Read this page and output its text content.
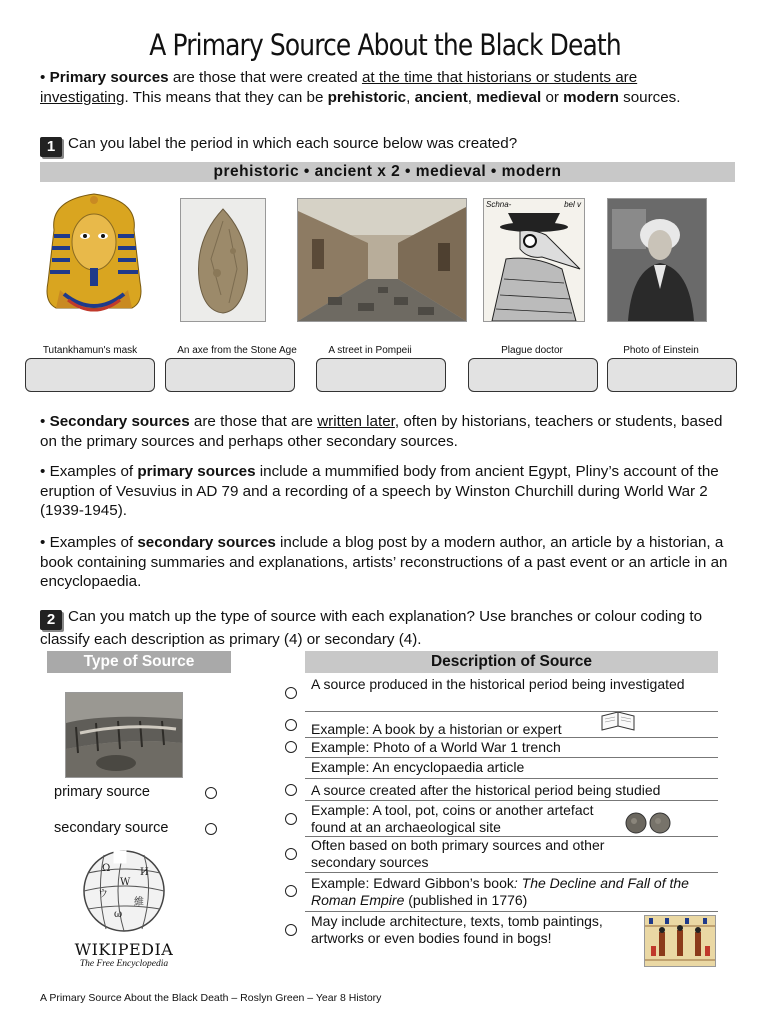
A Primary Source About the Black Death
• Primary sources are those that were created at the time that historians or students are investigating. This means that they can be prehistoric, ancient, medieval or modern sources.
1 Can you label the period in which each source below was created?
prehistoric • ancient x 2 • medieval • modern
Schna-	bel v
Tutankhamun's mask	An axe from the Stone Age	A street in Pompeii	Plague doctor	Photo of Einstein
• Secondary sources are those that are written later, often by historians, teachers or students, based on the primary sources and perhaps other secondary sources.
• Examples of primary sources include a mummified body from ancient Egypt, Pliny’s account of the eruption of Vesuvius in AD 79 and a recording of a speech by Winston Churchill during World War 2 (1939-1945).
• Examples of secondary sources include a blog post by a modern author, an article by a historian, a book containing summaries and explanations, artists’ reconstructions of a past event or an article in an encyclopaedia.
2 Can you match up the type of source with each explanation? Use branches or colour coding to classify each description as primary (4) or secondary (4).
Type of Source	Description of Source
primary source
secondary source
Ω
W
И
ウ
維
ω
WIKIPEDIA
The Free Encyclopedia
A source produced in the historical period being investigated
Example: A book by a historian or expert
Example: Photo of a World War 1 trench
Example: An encyclopaedia article
A source created after the historical period being studied
Example: A tool, pot, coins or another artefact found at an archaeological site
Often based on both primary sources and other secondary sources
Example: Edward Gibbon’s book: The Decline and Fall of the Roman Empire (published in 1776)
May include architecture, texts, tomb paintings, artworks or even bodies found in bogs!
A Primary Source About the Black Death – Roslyn Green – Year 8 History
